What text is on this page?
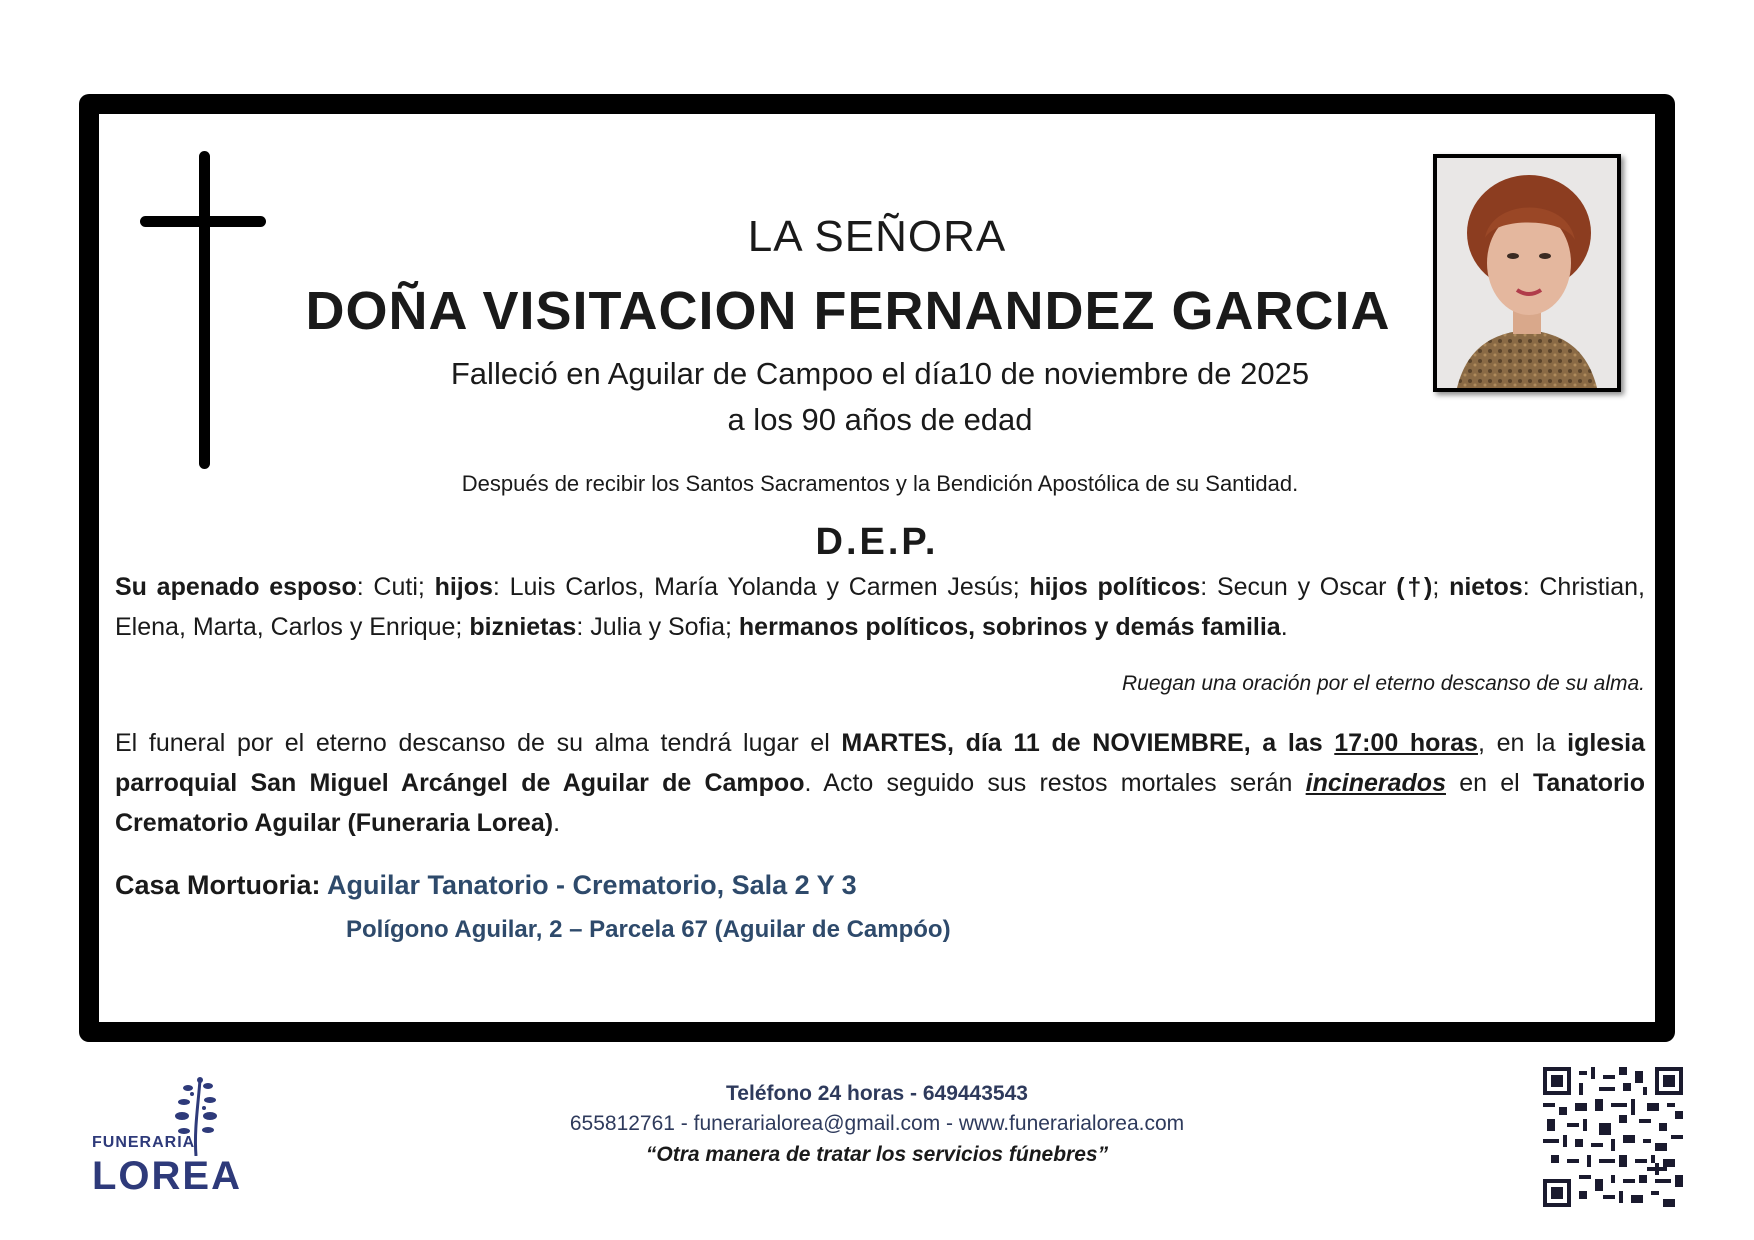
LA SEÑORA
DOÑA VISITACION FERNANDEZ GARCIA
Falleció en Aguilar de Campoo el día10 de noviembre de 2025
a los 90 años de edad
Después de recibir los Santos Sacramentos y la Bendición Apostólica de su Santidad.
D.E.P.
Su apenado esposo: Cuti; hijos: Luis Carlos, María Yolanda y Carmen Jesús; hijos políticos: Secun y Oscar (†); nietos: Christian, Elena, Marta, Carlos y Enrique; biznietas: Julia y Sofia; hermanos políticos, sobrinos y demás familia.
Ruegan una oración por el eterno descanso de su alma.
El funeral por el eterno descanso de su alma tendrá lugar el MARTES, día 11 de NOVIEMBRE, a las 17:00 horas, en la iglesia parroquial San Miguel Arcángel de Aguilar de Campoo. Acto seguido sus restos mortales serán incinerados en el Tanatorio Crematorio Aguilar (Funeraria Lorea).
Casa Mortuoria: Aguilar Tanatorio - Crematorio, Sala 2 Y 3
Polígono Aguilar, 2 – Parcela 67 (Aguilar de Campóo)
FUNERARIA
LOREA
Teléfono 24 horas - 649443543
655812761 - funerarialorea@gmail.com - www.funerarialorea.com
“Otra manera de tratar los servicios fúnebres”
